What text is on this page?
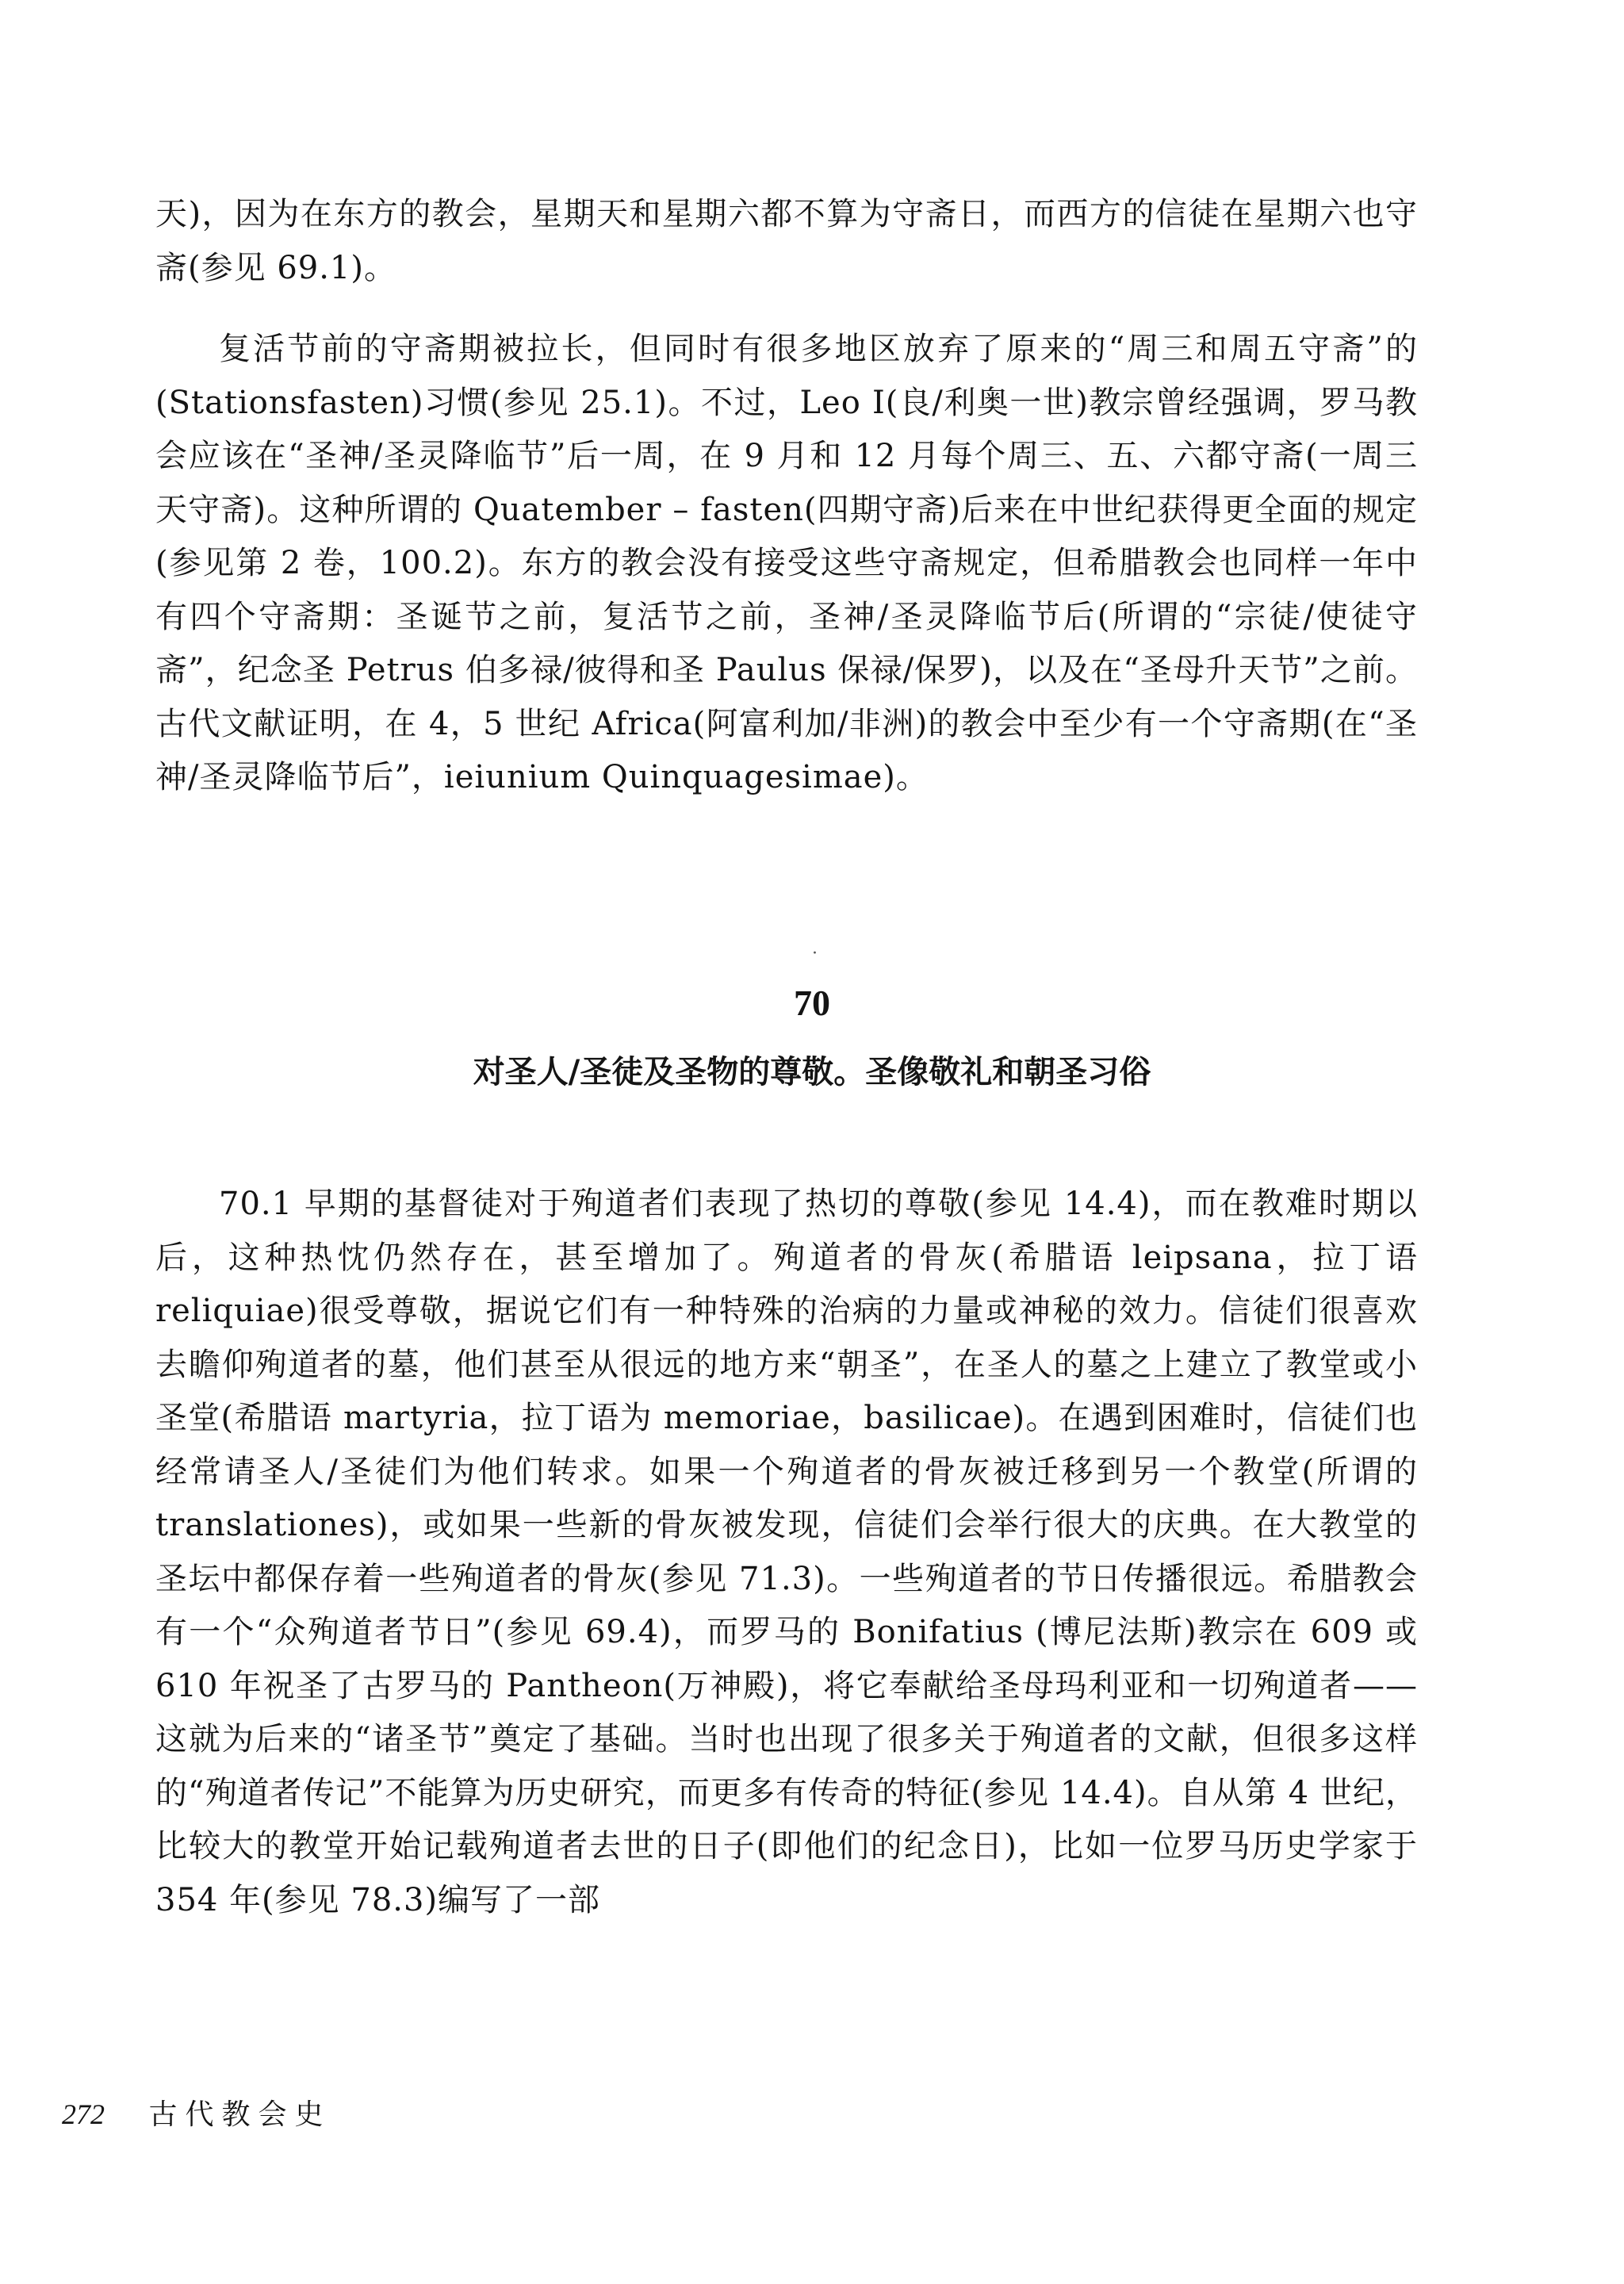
天)，因为在东方的教会，星期天和星期六都不算为守斋日，而西方的信徒在星期六也守斋(参见 69.1)。

复活节前的守斋期被拉长，但同时有很多地区放弃了原来的“周三和周五守斋”的(Stationsfasten)习惯(参见 25.1)。不过，Leo I(良/利奥一世)教宗曾经强调，罗马教会应该在“圣神/圣灵降临节”后一周，在 9 月和 12 月每个周三、五、六都守斋(一周三天守斋)。这种所谓的 Quatember – fasten(四期守斋)后来在中世纪获得更全面的规定(参见第 2 卷，100.2)。东方的教会没有接受这些守斋规定，但希腊教会也同样一年中有四个守斋期：圣诞节之前，复活节之前，圣神/圣灵降临节后(所谓的“宗徒/使徒守斋”，纪念圣 Petrus 伯多禄/彼得和圣 Paulus 保禄/保罗)，以及在“圣母升天节”之前。古代文献证明，在 4，5 世纪 Africa(阿富利加/非洲)的教会中至少有一个守斋期(在“圣神/圣灵降临节后”，ieiunium Quinquagesimae)。

·
70
对圣人/圣徒及圣物的尊敬。圣像敬礼和朝圣习俗

70.1 早期的基督徒对于殉道者们表现了热切的尊敬(参见 14.4)，而在教难时期以后，这种热忱仍然存在，甚至增加了。殉道者的骨灰(希腊语 leipsana，拉丁语 reliquiae)很受尊敬，据说它们有一种特殊的治病的力量或神秘的效力。信徒们很喜欢去瞻仰殉道者的墓，他们甚至从很远的地方来“朝圣”，在圣人的墓之上建立了教堂或小圣堂(希腊语 martyria，拉丁语为 memoriae，basilicae)。在遇到困难时，信徒们也经常请圣人/圣徒们为他们转求。如果一个殉道者的骨灰被迁移到另一个教堂(所谓的 translationes)，或如果一些新的骨灰被发现，信徒们会举行很大的庆典。在大教堂的圣坛中都保存着一些殉道者的骨灰(参见 71.3)。一些殉道者的节日传播很远。希腊教会有一个“众殉道者节日”(参见 69.4)，而罗马的 Bonifatius (博尼法斯)教宗在 609 或 610 年祝圣了古罗马的 Pantheon(万神殿)，将它奉献给圣母玛利亚和一切殉道者——这就为后来的“诸圣节”奠定了基础。当时也出现了很多关于殉道者的文献，但很多这样的“殉道者传记”不能算为历史研究，而更多有传奇的特征(参见 14.4)。自从第 4 世纪，比较大的教堂开始记载殉道者去世的日子(即他们的纪念日)，比如一位罗马历史学家于 354 年(参见 78.3)编写了一部

272 古代教会史
